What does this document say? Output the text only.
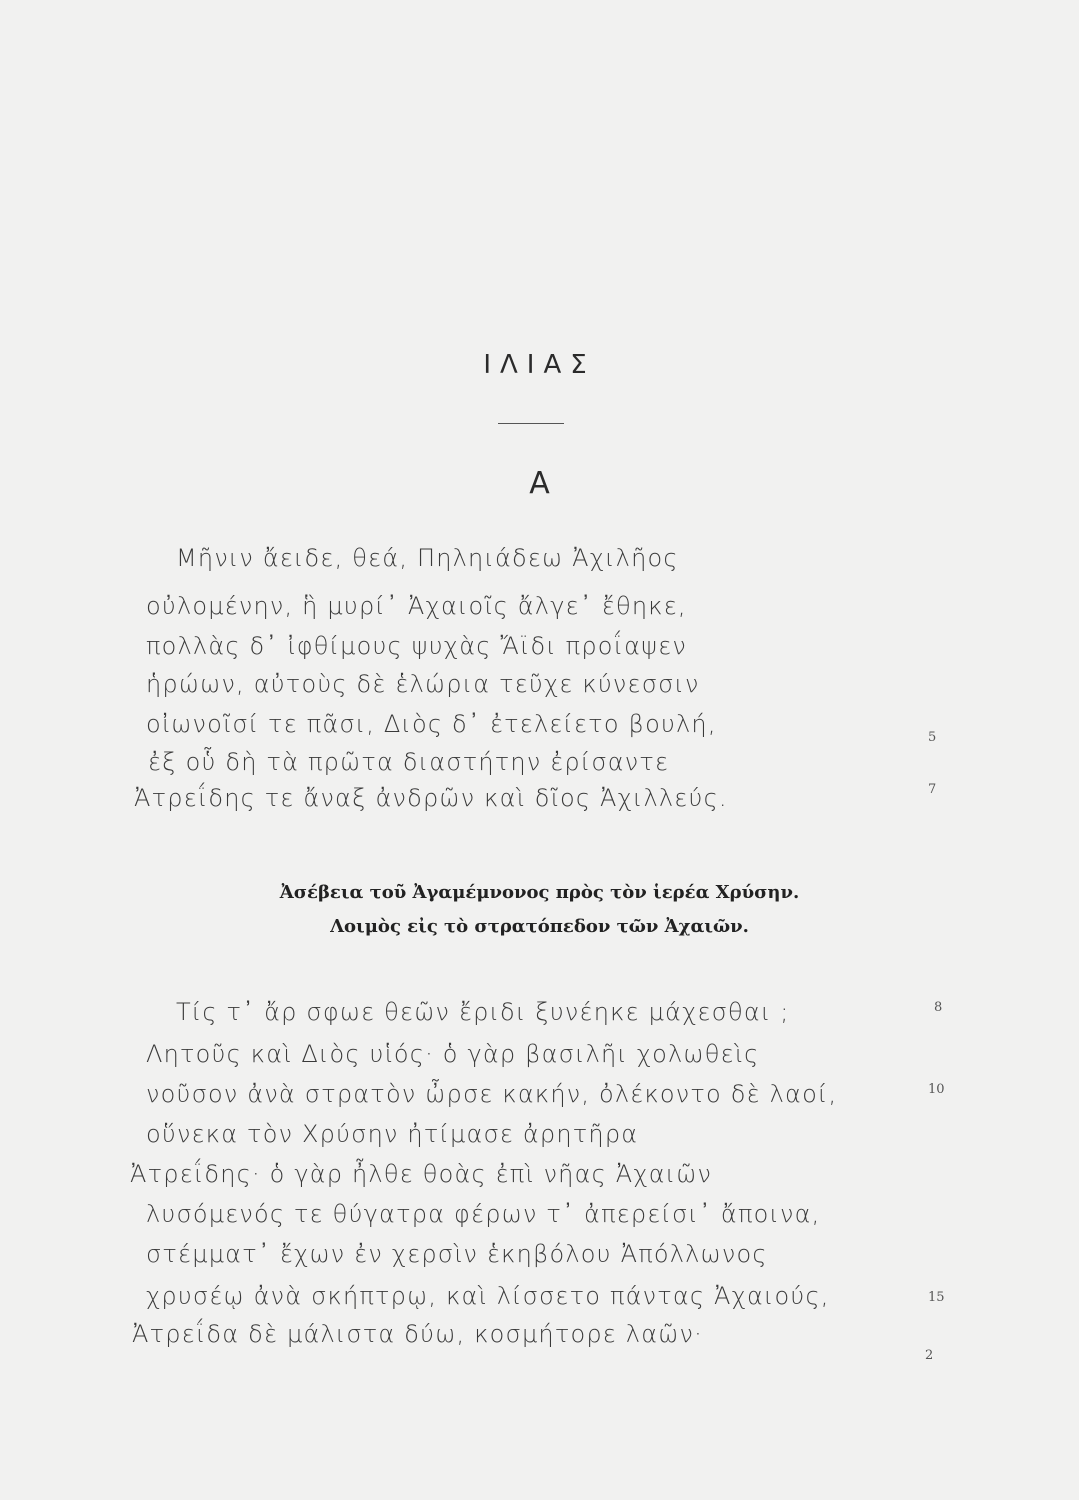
ΙΛΙΑΣ
Α
Μῆνιν ἄειδε, θεά, Πηληιάδεω Ἀχιλῆος
οὐλομένην, ἣ μυρί᾽ Ἀχαιοῖς ἄλγε᾽ ἔθηκε,
πολλὰς δ᾽ ἰφθίμους ψυχὰς Ἄϊδι προΐαψεν
ἡρώων, αὐτοὺς δὲ ἑλώρια τεῦχε κύνεσσιν
οἰωνοῖσί τε πᾶσι, Διὸς δ᾽ ἐτελείετο βουλή,
ἐξ οὗ δὴ τὰ πρῶτα διαστήτην ἐρίσαντε
Ἀτρεΐδης τε ἄναξ ἀνδρῶν καὶ δῖος Ἀχιλλεύς.
5
7
Ἀσέβεια τοῦ Ἀγαμέμνονος πρὸς τὸν ἱερέα Χρύσην.
Λοιμὸς εἰς τὸ στρατόπεδον τῶν Ἀχαιῶν.
Τίς τ᾽ ἄρ σφωε θεῶν ἔριδι ξυνέηκε μάχεσθαι ;
Λητοῦς καὶ Διὸς υἱός· ὁ γὰρ βασιλῆι χολωθεὶς
νοῦσον ἀνὰ στρατὸν ὦρσε κακήν, ὀλέκοντο δὲ λαοί,
οὕνεκα τὸν Χρύσην ἠτίμασε ἀρητῆρα
Ἀτρεΐδης· ὁ γὰρ ἦλθε θοὰς ἐπὶ νῆας Ἀχαιῶν
λυσόμενός τε θύγατρα φέρων τ᾽ ἀπερείσι᾽ ἄποινα,
στέμματ᾽ ἔχων ἐν χερσὶν ἑκηβόλου Ἀπόλλωνος
χρυσέῳ ἀνὰ σκήπτρῳ, καὶ λίσσετο πάντας Ἀχαιούς,
Ἀτρεΐδα δὲ μάλιστα δύω, κοσμήτορε λαῶν·
8
10
15
2
